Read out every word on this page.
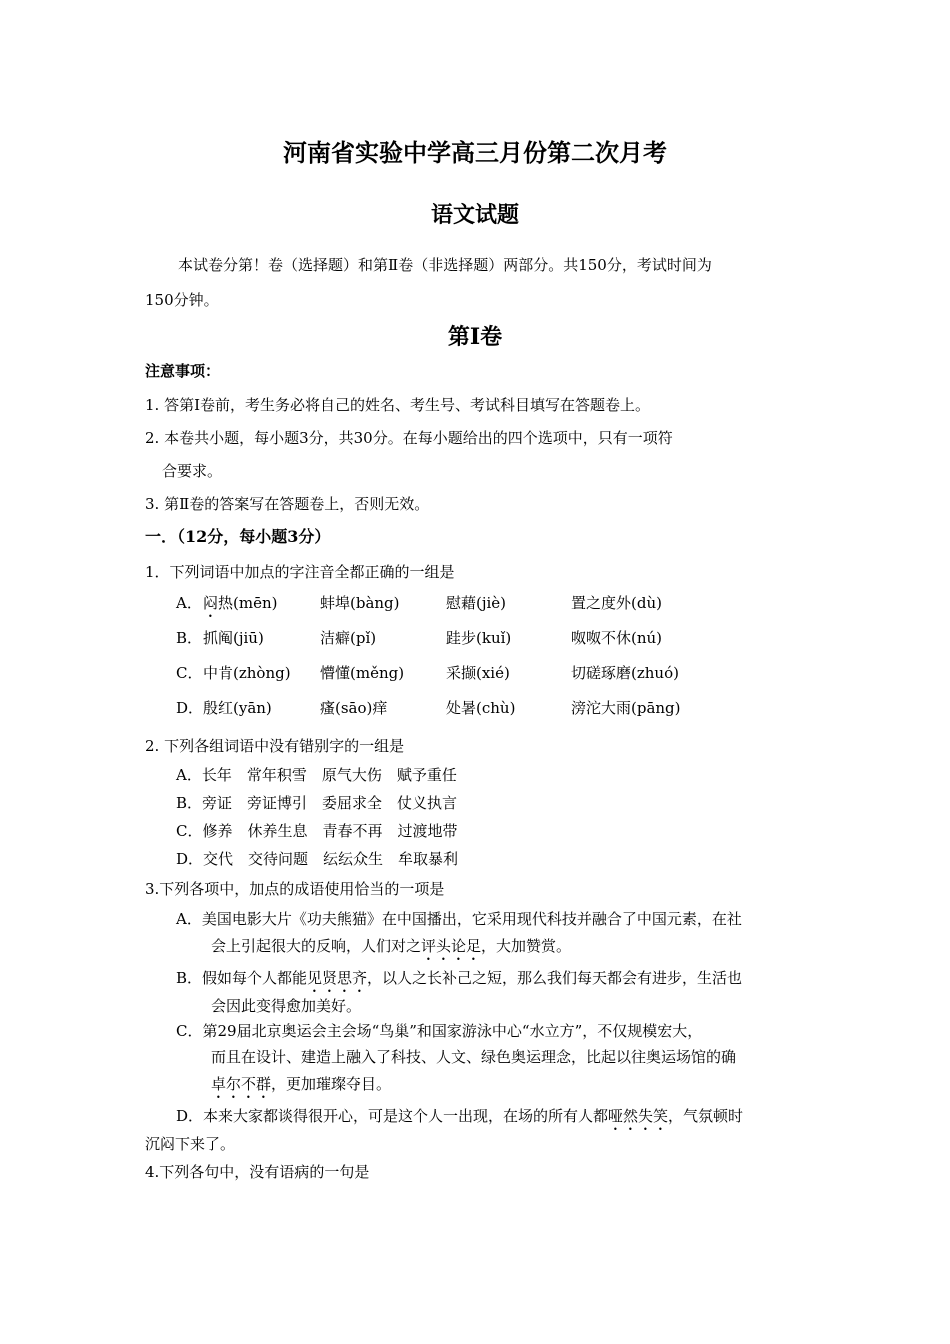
河南省实验中学高三月份第二次月考
语文试题
本试卷分第！卷（选择题）和第Ⅱ卷（非选择题）两部分。共150分，考试时间为
150分钟。
第Ⅰ卷
注意事项：
1. 答第Ⅰ卷前，考生务必将自己的姓名、考生号、考试科目填写在答题卷上。
2. 本卷共小题，每小题3分，共30分。在每小题给出的四个选项中，只有一项符
合要求。
3. 第Ⅱ卷的答案写在答题卷上，否则无效。
一．（12分，每小题3分）
1．下列词语中加点的字注音全都正确的一组是
A． 闷热(mēn)	蚌埠(bàng)	慰藉(jiè)	置之度外(dù)
B． 抓阄(jiū)	洁癖(pǐ)	跬步(kuǐ)	呶呶不休(nú)
C． 中肯(zhòng) 懵懂(měng)	采撷(xié)	切磋琢磨(zhuó)
D． 殷红(yān)	瘙(sāo)痒	处暑(chù)	滂沱大雨(pāng)
2. 下列各组词语中没有错别字的一组是
A．长年　常年积雪　原气大伤　赋予重任
B．旁证　旁证博引　委屈求全　仗义执言
C．修养　休养生息　青春不再　过渡地带
D．交代　交待问题　纭纭众生　牟取暴利
3.下列各项中，加点的成语使用恰当的一项是
A．美国电影大片《功夫熊猫》在中国播出，它采用现代科技并融合了中国元素，在社
会上引起很大的反响，人们对之评头论足，大加赞赏。
B．假如每个人都能见贤思齐，以人之长补己之短，那么我们每天都会有进步，生活也
会因此变得愈加美好。
C．第29届北京奥运会主会场“鸟巢”和国家游泳中心“水立方”，不仅规模宏大，
而且在设计、建造上融入了科技、人文、绿色奥运理念，比起以往奥运场馆的确
卓尔不群，更加璀璨夺目。
D．本来大家都谈得很开心，可是这个人一出现，在场的所有人都哑然失笑，气氛顿时
沉闷下来了。
4.下列各句中，没有语病的一句是
